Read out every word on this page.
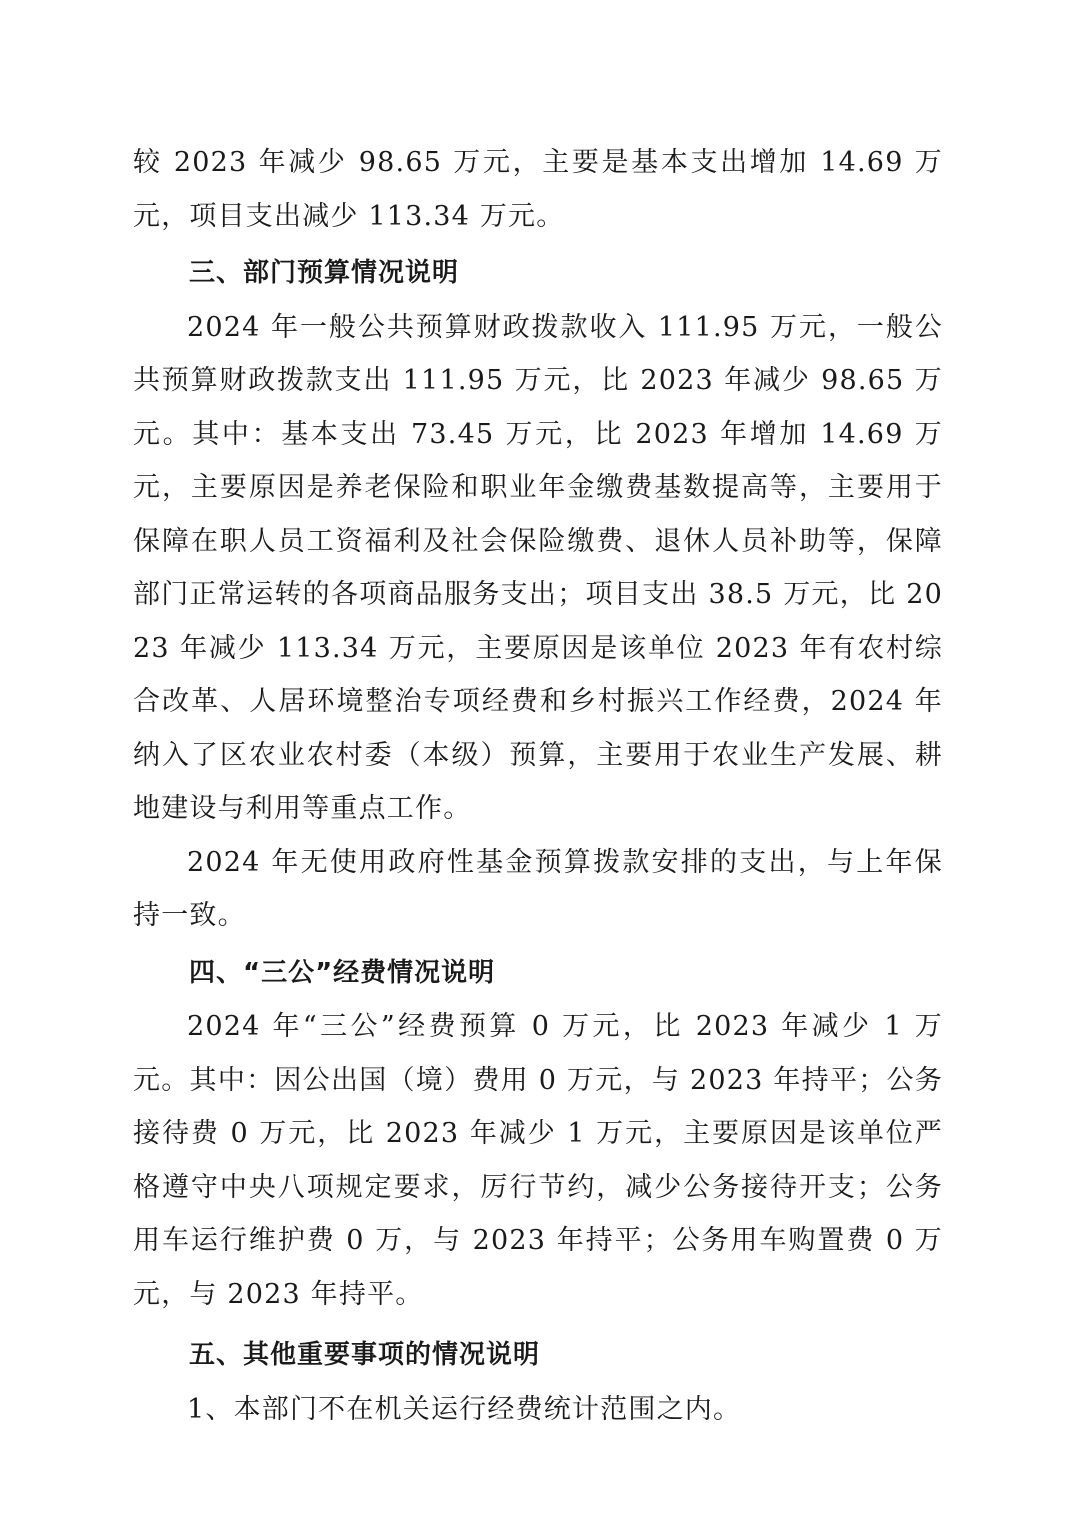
较 2023 年减少 98.65 万元，主要是基本支出增加 14.69 万元，项目支出减少 113.34 万元。

三、部门预算情况说明

2024 年一般公共预算财政拨款收入 111.95 万元，一般公共预算财政拨款支出 111.95 万元，比 2023 年减少 98.65 万元。其中：基本支出 73.45 万元，比 2023 年增加 14.69 万元，主要原因是养老保险和职业年金缴费基数提高等，主要用于保障在职人员工资福利及社会保险缴费、退休人员补助等，保障部门正常运转的各项商品服务支出；项目支出 38.5 万元，比 2023 年减少 113.34 万元，主要原因是该单位 2023 年有农村综合改革、人居环境整治专项经费和乡村振兴工作经费，2024 年纳入了区农业农村委（本级）预算，主要用于农业生产发展、耕地建设与利用等重点工作。

2024 年无使用政府性基金预算拨款安排的支出，与上年保持一致。

四、“三公”经费情况说明

2024 年“三公”经费预算 0 万元，比 2023 年减少 1 万元。其中：因公出国（境）费用 0 万元，与 2023 年持平；公务接待费 0 万元，比 2023 年减少 1 万元，主要原因是该单位严格遵守中央八项规定要求，厉行节约，减少公务接待开支；公务用车运行维护费 0 万，与 2023 年持平；公务用车购置费 0 万元，与 2023 年持平。

五、其他重要事项的情况说明

1、本部门不在机关运行经费统计范围之内。
